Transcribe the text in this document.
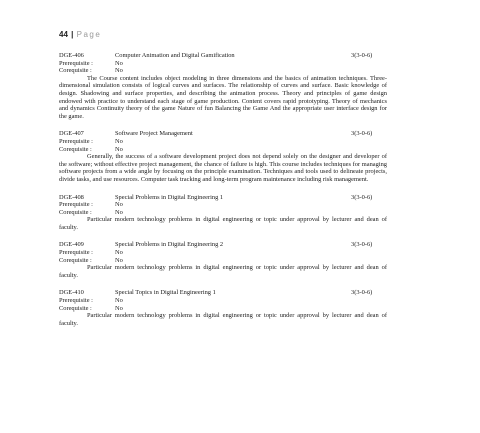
44 | Page
DGE-406	Computer Animation and Digital Gamification	3(3-0-6)
Prerequisite :	No
Corequisite :	No

The Course content includes object modeling in three dimensions and the basics of animation techniques. Three-dimensional simulation consists of logical curves and surfaces. The relationship of curves and surface. Basic knowledge of design. Shadowing and surface properties, and describing the animation process. Theory and principles of game design endowed with practice to understand each stage of game production. Content covers rapid prototyping. Theory of mechanics and dynamics Continuity theory of the game Nature of fun Balancing the Game And the appropriate user interface design for the game.

DGE-407	Software Project Management	3(3-0-6)
Prerequisite :	No
Corequisite :	No

Generally, the success of a software development project does not depend solely on the designer and developer of the software; without effective project management, the chance of failure is high. This course includes techniques for managing software projects from a wide angle by focusing on the principle examination. Techniques and tools used to delineate projects, divide tasks, and use resources. Computer task tracking and long-term program maintenance including risk management.

DGE-408	Special Problems in Digital Engineering 1	3(3-0-6)
Prerequisite :	No
Corequisite :	No

Particular modern technology problems in digital engineering or topic under approval by lecturer and dean of faculty.

DGE-409	Special Problems in Digital Engineering 2	3(3-0-6)
Prerequisite :	No
Corequisite :	No

Particular modern technology problems in digital engineering or topic under approval by lecturer and dean of faculty.

DGE-410	Special Topics in Digital Engineering 1	3(3-0-6)
Prerequisite :	No
Corequisite :	No

Particular modern technology problems in digital engineering or topic under approval by lecturer and dean of faculty.
